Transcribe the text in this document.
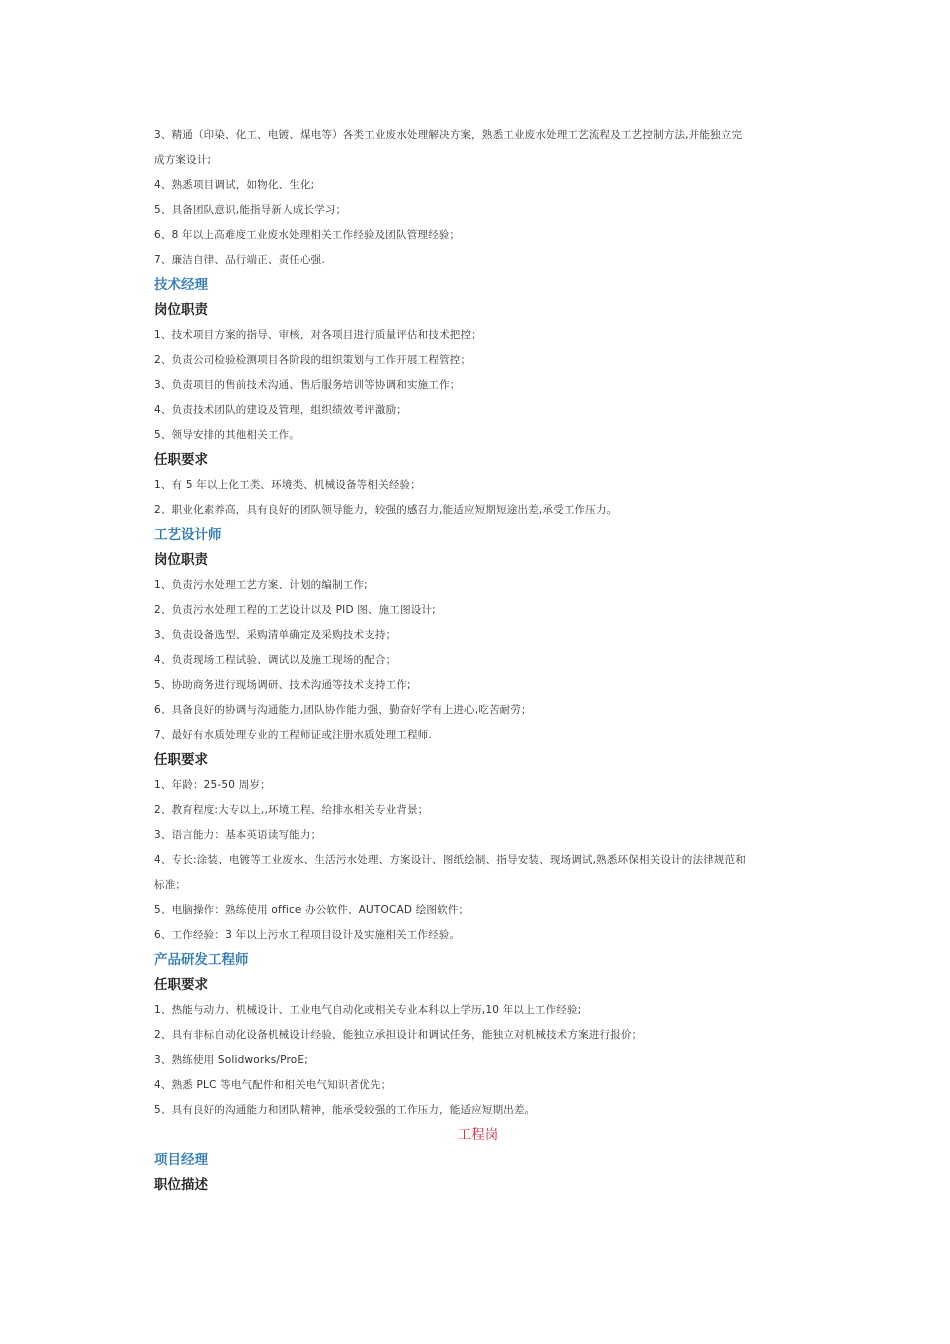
3、精通（印染、化工、电镀、煤电等）各类工业废水处理解决方案，熟悉工业废水处理工艺流程及工艺控制方法,并能独立完
成方案设计;
4、熟悉项目调试，如物化、生化;
5、具备团队意识,能指导新人成长学习；
6、8 年以上高难度工业废水处理相关工作经验及团队管理经验；
7、廉洁自律、品行端正、责任心强.
技术经理
岗位职责
1、技术项目方案的指导、审核，对各项目进行质量评估和技术把控；
2、负责公司检验检测项目各阶段的组织策划与工作开展工程管控；
3、负责项目的售前技术沟通、售后服务培训等协调和实施工作；
4、负责技术团队的建设及管理，组织绩效考评激励；
5、领导安排的其他相关工作。
任职要求
1、有 5 年以上化工类、环境类、机械设备等相关经验；
2、职业化素养高，具有良好的团队领导能力，较强的感召力,能适应短期短途出差,承受工作压力。
工艺设计师
岗位职责
1、负责污水处理工艺方案、计划的编制工作;
2、负责污水处理工程的工艺设计以及 PID 图、施工图设计;
3、负责设备选型、采购清单确定及采购技术支持；
4、负责现场工程试验、调试以及施工现场的配合；
5、协助商务进行现场调研、技术沟通等技术支持工作;
6、具备良好的协调与沟通能力,团队协作能力强，勤奋好学有上进心,吃苦耐劳；
7、最好有水质处理专业的工程师证或注册水质处理工程师.
任职要求
1、年龄：25-50 周岁；
2、教育程度:大专以上,,环境工程、给排水相关专业背景；
3、语言能力：基本英语读写能力；
4、专长:涂装、电镀等工业废水、生活污水处理、方案设计、图纸绘制、指导安装、现场调试,熟悉环保相关设计的法律规范和
标准；
5、电脑操作：熟练使用 office 办公软件、AUTOCAD 绘图软件；
6、工作经验：3 年以上污水工程项目设计及实施相关工作经验。
产品研发工程师
任职要求
1、热能与动力、机械设计、工业电气自动化或相关专业本科以上学历,10 年以上工作经验;
2、具有非标自动化设备机械设计经验，能独立承担设计和调试任务，能独立对机械技术方案进行报价；
3、熟练使用 Solidworks/ProE;
4、熟悉 PLC 等电气配件和相关电气知识者优先；
5、具有良好的沟通能力和团队精神，能承受较强的工作压力，能适应短期出差。
工程岗
项目经理
职位描述
